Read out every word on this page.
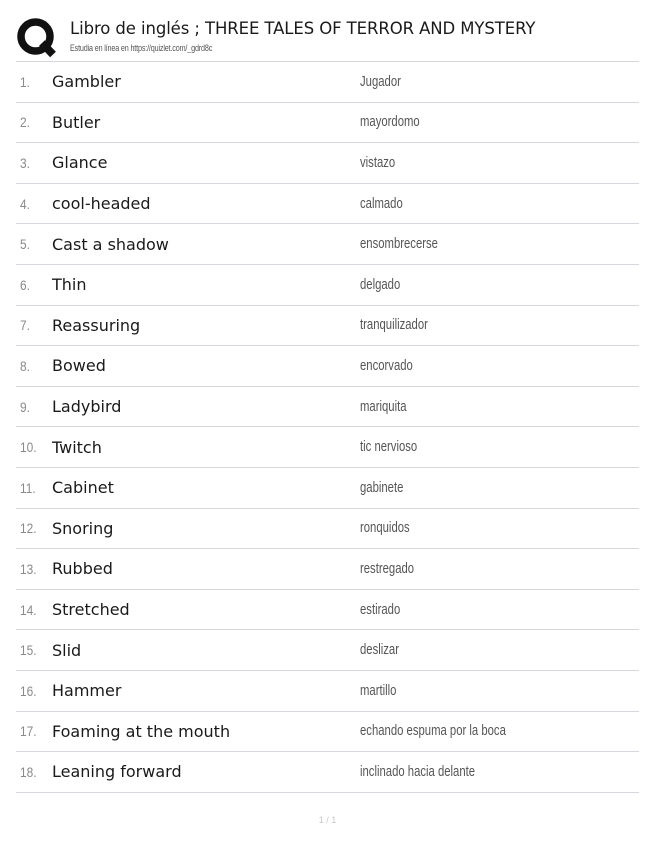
Libro de inglés ; THREE TALES OF TERROR AND MYSTERY
Estudia en línea en https://quizlet.com/_gdrd8c
1. Gambler	Jugador
2. Butler	mayordomo
3. Glance	vistazo
4. cool-headed	calmado
5. Cast a shadow	ensombrecerse
6. Thin	delgado
7. Reassuring	tranquilizador
8. Bowed	encorvado
9. Ladybird	mariquita
10. Twitch	tic nervioso
11. Cabinet	gabinete
12. Snoring	ronquidos
13. Rubbed	restregado
14. Stretched	estirado
15. Slid	deslizar
16. Hammer	martillo
17. Foaming at the mouth	echando espuma por la boca
18. Leaning forward	inclinado hacia delante
1 / 1
